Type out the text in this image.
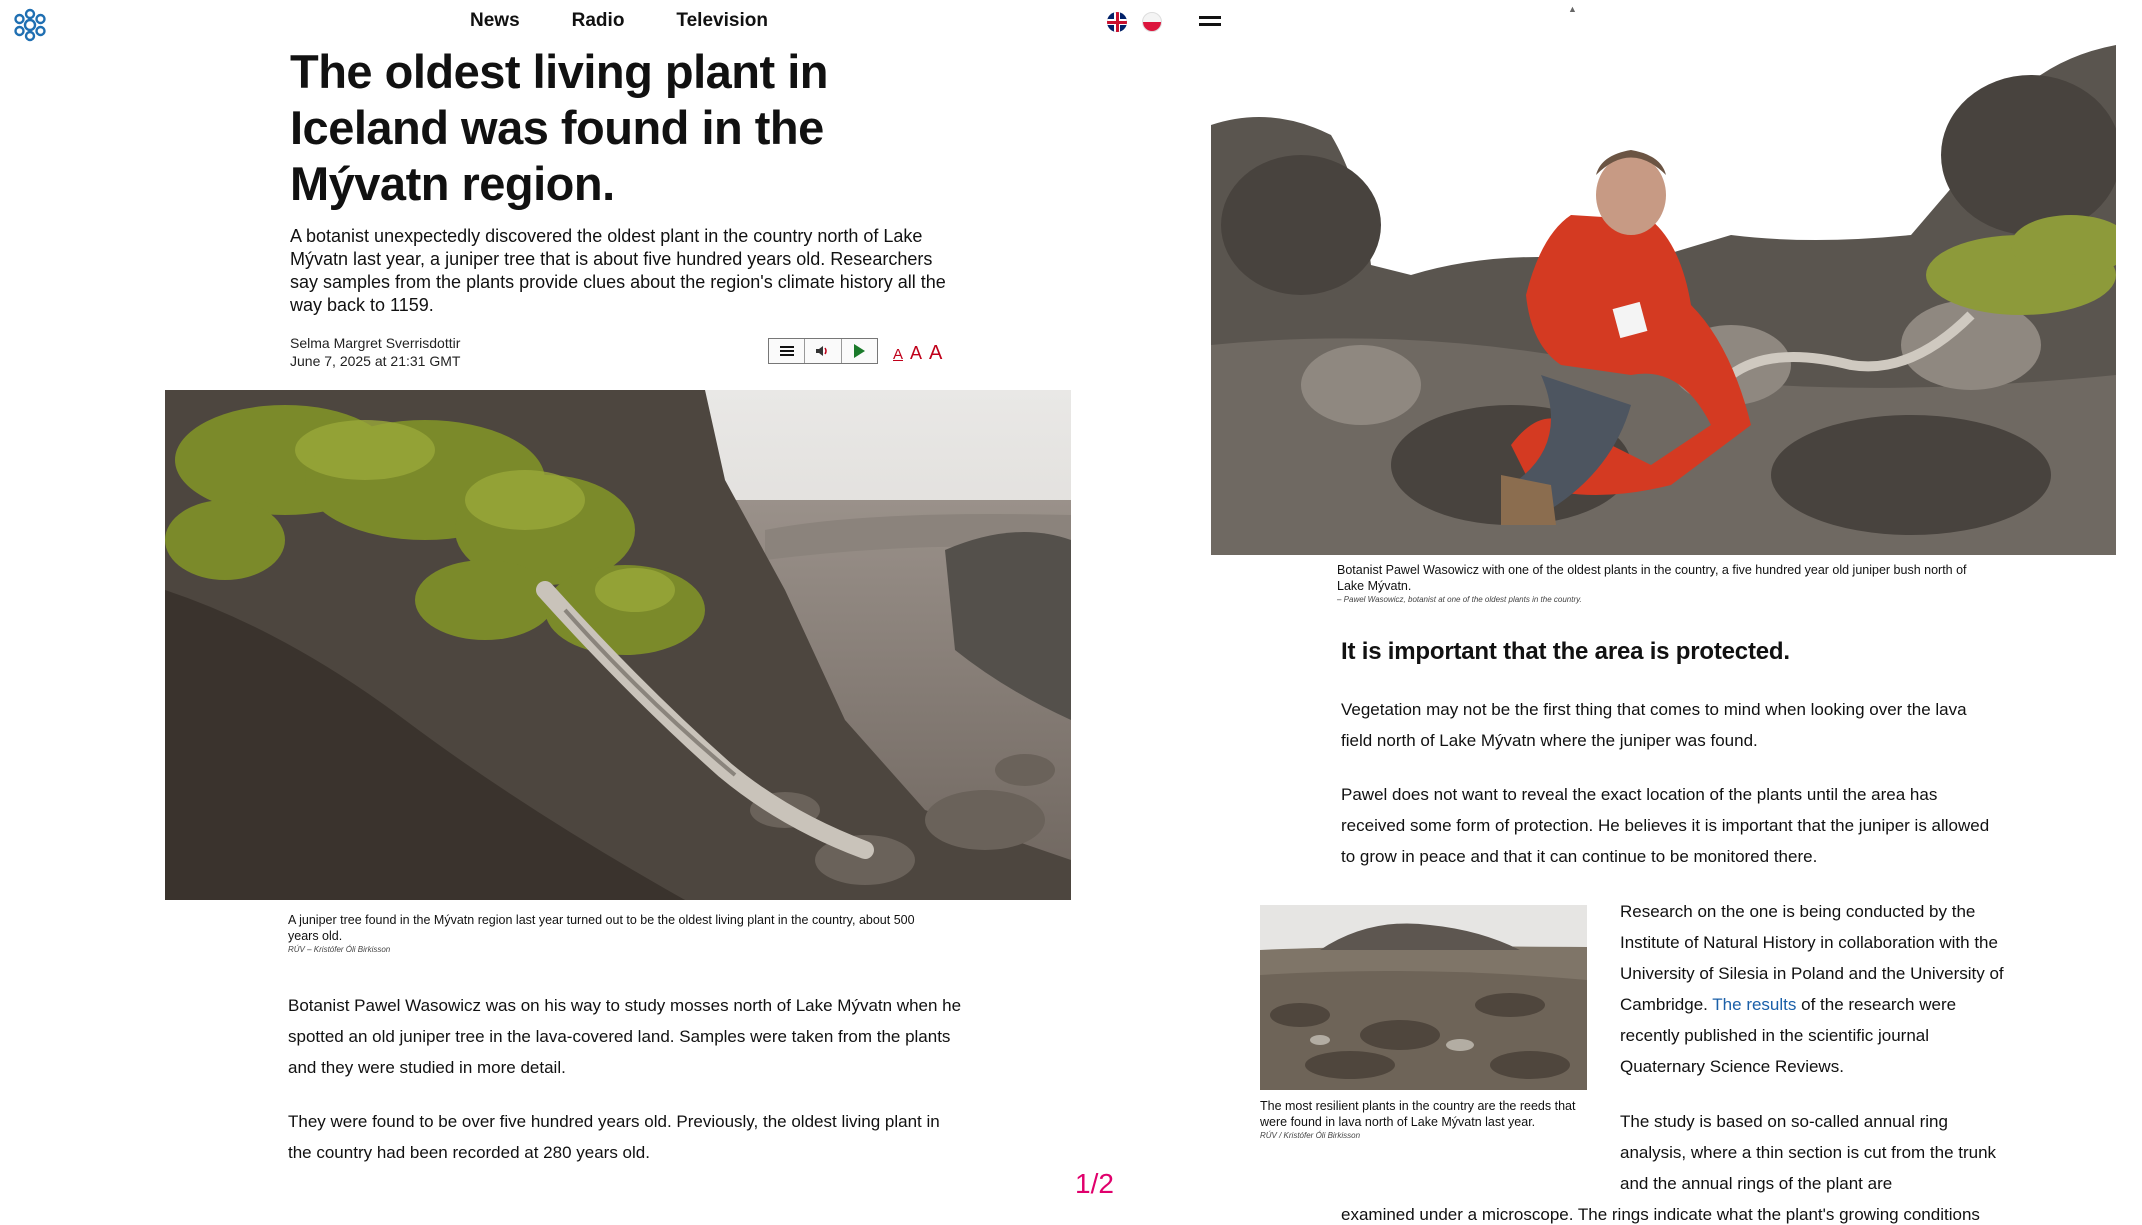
News	Radio	Television
▲
The oldest living plant in Iceland was found in the Mývatn region.

A botanist unexpectedly discovered the oldest plant in the country north of Lake Mývatn last year, a juniper tree that is about five hundred years old. Researchers say samples from the plants provide clues about the region's climate history all the way back to 1159.

Selma Margret Sverrisdottir
June 7, 2025 at 21:31 GMT	A A A

A juniper tree found in the Mývatn region last year turned out to be the oldest living plant in the country, about 500 years old.
RÚV – Kristófer Óli Birkisson

Botanist Pawel Wasowicz was on his way to study mosses north of Lake Mývatn when he spotted an old juniper tree in the lava-covered land. Samples were taken from the plants and they were studied in more detail.

They were found to be over five hundred years old. Previously, the oldest living plant in the country had been recorded at 280 years old.

1/2

Botanist Pawel Wasowicz with one of the oldest plants in the country, a five hundred year old juniper bush north of Lake Mývatn.
– Pawel Wasowicz, botanist at one of the oldest plants in the country.

It is important that the area is protected.

Vegetation may not be the first thing that comes to mind when looking over the lava field north of Lake Mývatn where the juniper was found.

Pawel does not want to reveal the exact location of the plants until the area has received some form of protection. He believes it is important that the juniper is allowed to grow in peace and that it can continue to be monitored there.

The most resilient plants in the country are the reeds that were found in lava north of Lake Mývatn last year.
RÚV / Kristófer Óli Birkisson

Research on the one is being conducted by the Institute of Natural History in collaboration with the University of Silesia in Poland and the University of Cambridge. The results of the research were recently published in the scientific journal Quaternary Science Reviews.

The study is based on so-called annual ring analysis, where a thin section is cut from the trunk and the annual rings of the plant are

examined under a microscope. The rings indicate what the plant's growing conditions
